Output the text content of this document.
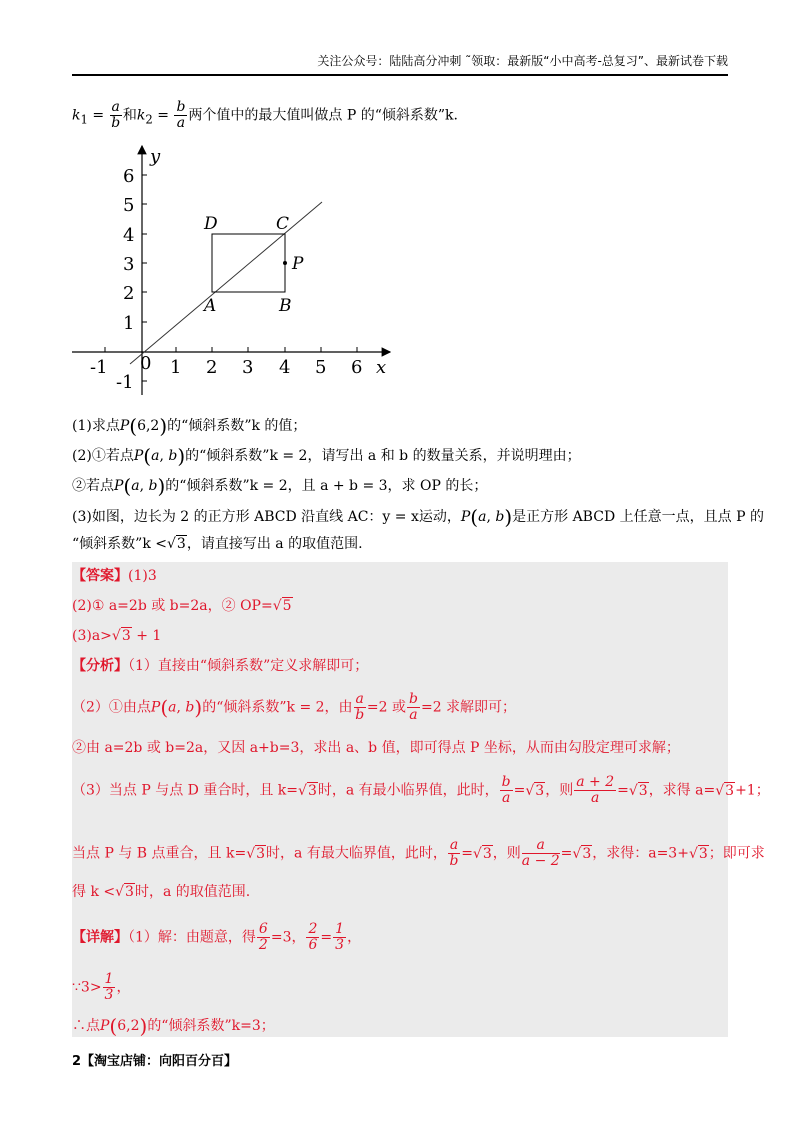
关注公众号：陆陆高分冲刺 ˜领取：最新版“小中高考-总复习”、最新试卷下载
$k_1 = \frac{a}{b}$ 和$k_2 = \frac{b}{a}$ 两个值中的最大值叫做点 P 的“倾斜系数”k.
-1	1 2 3 4 5 6
0
-1
1
2
3
4
5
6
x
y
A	B
C
D
P
(1)求点P(6,2)的“倾斜系数”k 的值；
(2)①若点P(a, b)的“倾斜系数”k = 2，请写出 a 和 b 的数量关系，并说明理由；
②若点P(a, b)的“倾斜系数”k = 2，且 a + b = 3，求 OP 的长；
(3)如图，边长为 2 的正方形 ABCD 沿直线 AC：y = x运动，P(a, b)是正方形 ABCD 上任意一点，且点 P 的
“倾斜系数”k <√3，请直接写出 a 的取值范围.
【答案】(1)3
(2)① a=2b 或 b=2a，② OP=√5
(3)a>√3 + 1
【分析】（1）直接由“倾斜系数”定义求解即可；
（2）①由点P(a, b)的“倾斜系数”k = 2，由 $\frac{a}{b} =2$ 或 $\frac{b}{a} =2$ 求解即可；
②由 a=2b 或 b=2a，又因 a+b=3，求出 a、b 值，即可得点 P 坐标，从而由勾股定理可求解；
（3）当点 P 与点 D 重合时，且 k=√3时，a 有最小临界值，此时， $\frac{b}{a} =√3$，则 $\frac{a + 2}{a} =√3$，求得 a=√3+1；
当点 P 与 B 点重合，且 k=√3时，a 有最大临界值，此时， $\frac{a}{b} =√3$，则 $\frac{a}{a - 2} =√3$，求得：a=3+√3；即可求
得 k <√3时，a 的取值范围.
【详解】（1）解：由题意，得 $\frac{6}{2} =3$， $\frac{2}{6} = \frac{1}{3}$ ，
∵3> $\frac{1}{3}$ ，
∴点P(6,2)的“倾斜系数”k=3；
2【淘宝店铺：向阳百分百】
